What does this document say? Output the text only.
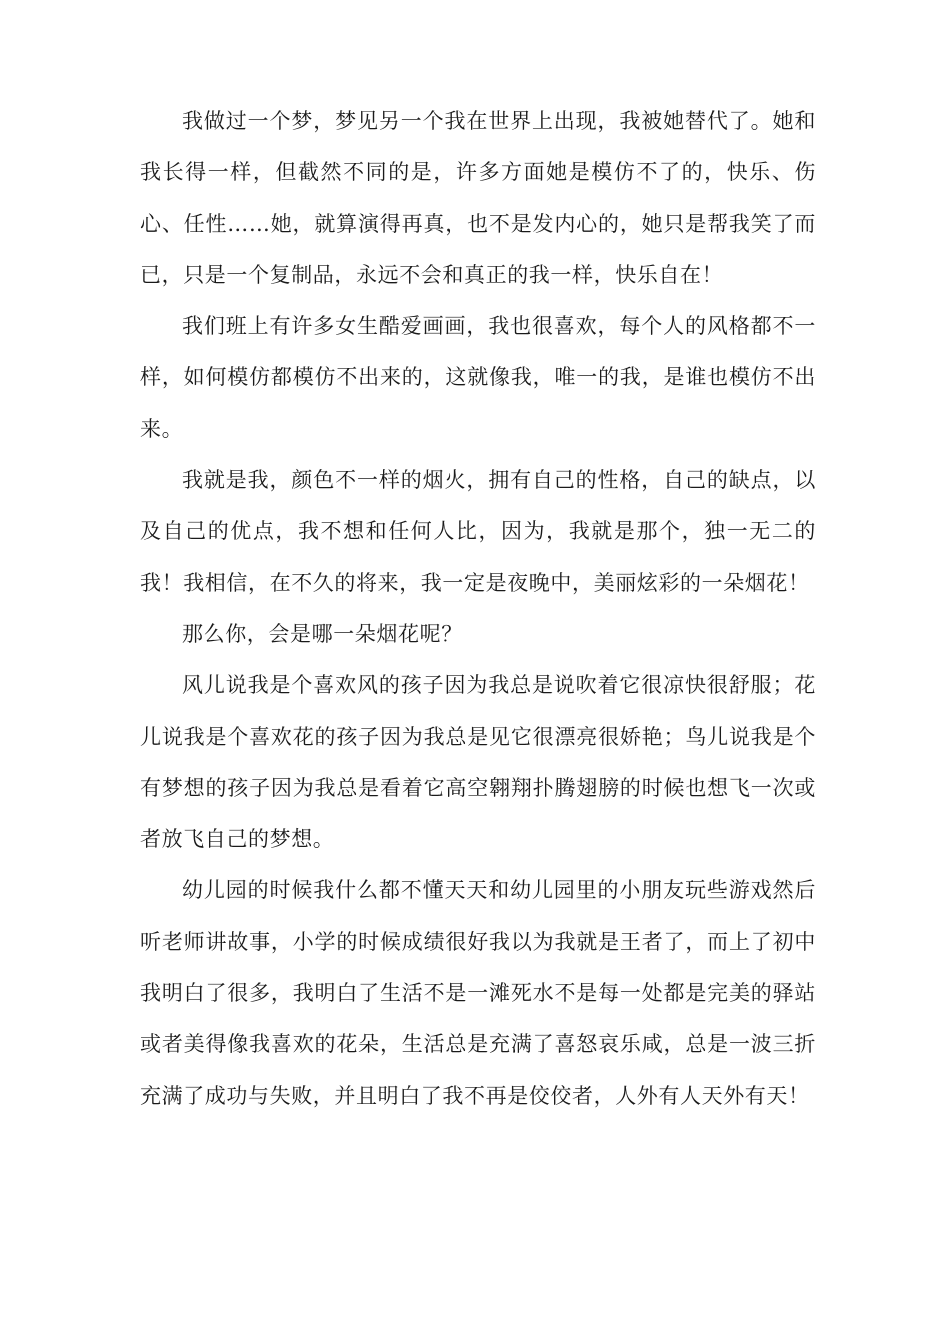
我做过一个梦，梦见另一个我在世界上出现，我被她替代了。她和我长得一样，但截然不同的是，许多方面她是模仿不了的，快乐、伤心、任性……她，就算演得再真，也不是发内心的，她只是帮我笑了而已，只是一个复制品，永远不会和真正的我一样，快乐自在！

我们班上有许多女生酷爱画画，我也很喜欢，每个人的风格都不一样，如何模仿都模仿不出来的，这就像我，唯一的我，是谁也模仿不出来。

我就是我，颜色不一样的烟火，拥有自己的性格，自己的缺点，以及自己的优点，我不想和任何人比，因为，我就是那个，独一无二的我！我相信，在不久的将来，我一定是夜晚中，美丽炫彩的一朵烟花！

那么你，会是哪一朵烟花呢？

风儿说我是个喜欢风的孩子因为我总是说吹着它很凉快很舒服；花儿说我是个喜欢花的孩子因为我总是见它很漂亮很娇艳；鸟儿说我是个有梦想的孩子因为我总是看着它高空翱翔扑腾翅膀的时候也想飞一次或者放飞自己的梦想。

幼儿园的时候我什么都不懂天天和幼儿园里的小朋友玩些游戏然后听老师讲故事，小学的时候成绩很好我以为我就是王者了，而上了初中我明白了很多，我明白了生活不是一滩死水不是每一处都是完美的驿站或者美得像我喜欢的花朵，生活总是充满了喜怒哀乐咸，总是一波三折充满了成功与失败，并且明白了我不再是佼佼者，人外有人天外有天！
